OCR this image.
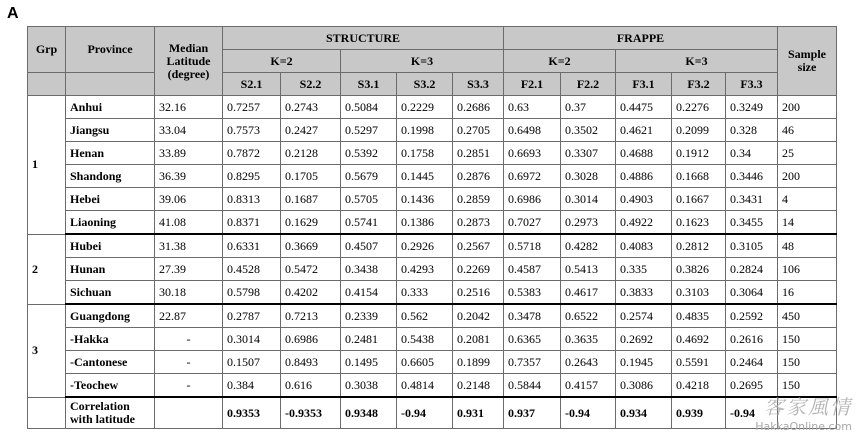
A
Grp	Province	Median Latitude (degree)	STRUCTURE					FRAPPE					Sample size
			K=2		K=3			K=2		K=3			
			S2.1	S2.2	S3.1	S3.2	S3.3	F2.1	F2.2	F3.1	F3.2	F3.3	
1	Anhui	32.16	0.7257	0.2743	0.5084	0.2229	0.2686	0.63	0.37	0.4475	0.2276	0.3249	200
	Jiangsu	33.04	0.7573	0.2427	0.5297	0.1998	0.2705	0.6498	0.3502	0.4621	0.2099	0.328	46
	Henan	33.89	0.7872	0.2128	0.5392	0.1758	0.2851	0.6693	0.3307	0.4688	0.1912	0.34	25
	Shandong	36.39	0.8295	0.1705	0.5679	0.1445	0.2876	0.6972	0.3028	0.4886	0.1668	0.3446	200
	Hebei	39.06	0.8313	0.1687	0.5705	0.1436	0.2859	0.6986	0.3014	0.4903	0.1667	0.3431	4
	Liaoning	41.08	0.8371	0.1629	0.5741	0.1386	0.2873	0.7027	0.2973	0.4922	0.1623	0.3455	14
2	Hubei	31.38	0.6331	0.3669	0.4507	0.2926	0.2567	0.5718	0.4282	0.4083	0.2812	0.3105	48
	Hunan	27.39	0.4528	0.5472	0.3438	0.4293	0.2269	0.4587	0.5413	0.335	0.3826	0.2824	106
	Sichuan	30.18	0.5798	0.4202	0.4154	0.333	0.2516	0.5383	0.4617	0.3833	0.3103	0.3064	16
3	Guangdong	22.87	0.2787	0.7213	0.2339	0.562	0.2042	0.3478	0.6522	0.2574	0.4835	0.2592	450
	-Hakka	-	0.3014	0.6986	0.2481	0.5438	0.2081	0.6365	0.3635	0.2692	0.4692	0.2616	150
	-Cantonese	-	0.1507	0.8493	0.1495	0.6605	0.1899	0.7357	0.2643	0.1945	0.5591	0.2464	150
	-Teochew	-	0.384	0.616	0.3038	0.4814	0.2148	0.5844	0.4157	0.3086	0.4218	0.2695	150
	Correlation with latitude		0.9353	-0.9353	0.9348	-0.94	0.931	0.937	-0.94	0.934	0.939	-0.94	客家風情
HakkaOnline.com
